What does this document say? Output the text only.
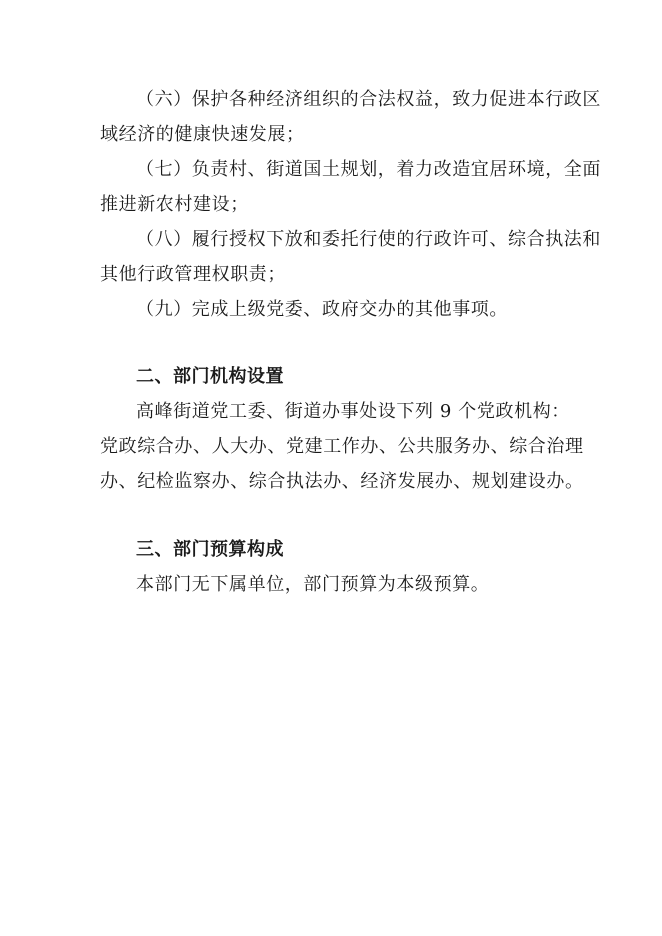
（六）保护各种经济组织的合法权益，致力促进本行政区

域经济的健康快速发展；

（七）负责村、街道国土规划，着力改造宜居环境，全面

推进新农村建设；

（八）履行授权下放和委托行使的行政许可、综合执法和

其他行政管理权职责；

（九）完成上级党委、政府交办的其他事项。

二、部门机构设置

高峰街道党工委、街道办事处设下列 9 个党政机构：

党政综合办、人大办、党建工作办、公共服务办、综合治理

办、纪检监察办、综合执法办、经济发展办、规划建设办。

三、部门预算构成

本部门无下属单位，部门预算为本级预算。
